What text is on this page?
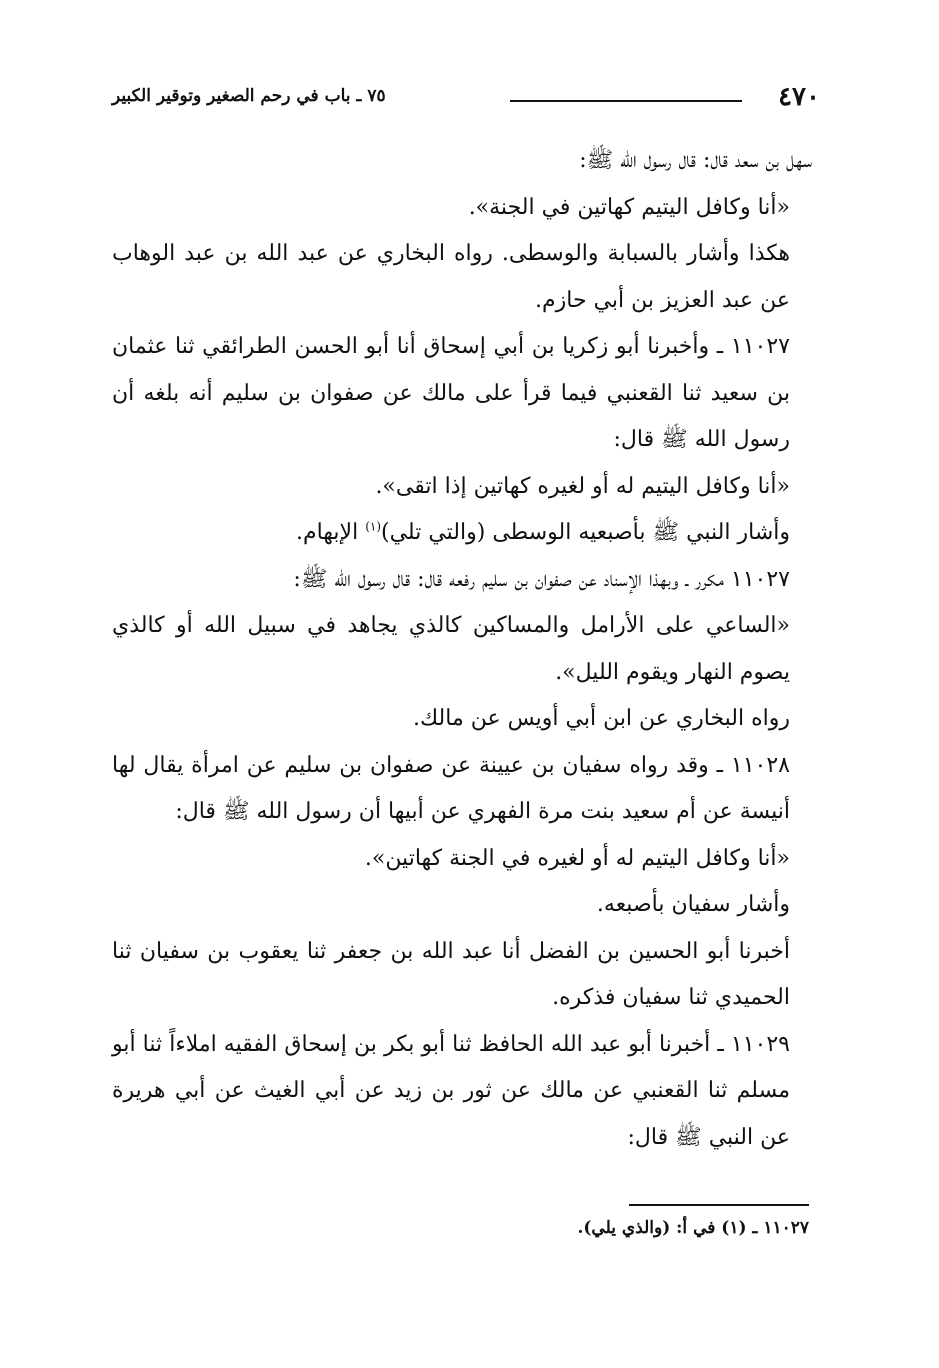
٤٧٠
٧٥ ـ باب في رحم الصغير وتوقير الكبير

سهل بن سعد قال: قال رسول الله ﷺ:

«أنا وكافل اليتيم كهاتين في الجنة».

هكذا وأشار بالسبابة والوسطى. رواه البخاري عن عبد الله بن عبد الوهاب عن عبد العزيز بن أبي حازم.

١١٠٢٧ ـ وأخبرنا أبو زكريا بن أبي إسحاق أنا أبو الحسن الطرائقي ثنا عثمان بن سعيد ثنا القعنبي فيما قرأ على مالك عن صفوان بن سليم أنه بلغه أن رسول الله ﷺ قال:

«أنا وكافل اليتيم له أو لغيره كهاتين إذا اتقى».

وأشار النبي ﷺ بأصبعيه الوسطى (والتي تلي)$^{(١)}$ الإبهام.

١١٠٢٧ مكرر ـ وبهذا الإسناد عن صفوان بن سليم رفعه قال: قال رسول الله ﷺ:

«الساعي على الأرامل والمساكين كالذي يجاهد في سبيل الله أو كالذي يصوم النهار ويقوم الليل».

رواه البخاري عن ابن أبي أويس عن مالك.

١١٠٢٨ ـ وقد رواه سفيان بن عيينة عن صفوان بن سليم عن امرأة يقال لها أنيسة عن أم سعيد بنت مرة الفهري عن أبيها أن رسول الله ﷺ قال:

«أنا وكافل اليتيم له أو لغيره في الجنة كهاتين».

وأشار سفيان بأصبعه.

أخبرنا أبو الحسين بن الفضل أنا عبد الله بن جعفر ثنا يعقوب بن سفيان ثنا الحميدي ثنا سفيان فذكره.

١١٠٢٩ ـ أخبرنا أبو عبد الله الحافظ ثنا أبو بكر بن إسحاق الفقيه املاءاً ثنا أبو مسلم ثنا القعنبي عن مالك عن ثور بن زيد عن أبي الغيث عن أبي هريرة عن النبي ﷺ قال:

١١٠٢٧ ـ (١) في أ: (والذي يلي).
